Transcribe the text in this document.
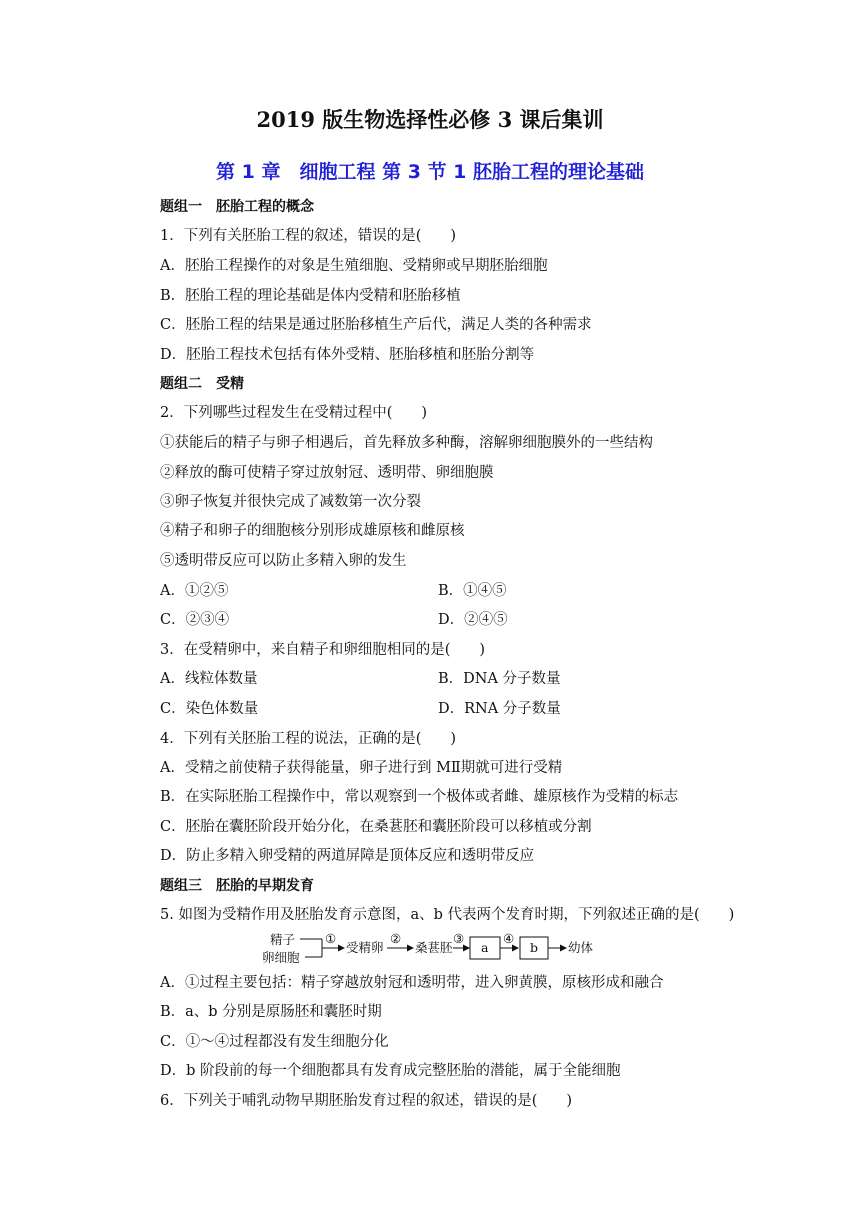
2019 版生物选择性必修 3 课后集训
第 1 章　细胞工程 第 3 节 1 胚胎工程的理论基础
题组一　胚胎工程的概念
1．下列有关胚胎工程的叙述，错误的是(　　)
A．胚胎工程操作的对象是生殖细胞、受精卵或早期胚胎细胞
B．胚胎工程的理论基础是体内受精和胚胎移植
C．胚胎工程的结果是通过胚胎移植生产后代，满足人类的各种需求
D．胚胎工程技术包括有体外受精、胚胎移植和胚胎分割等
题组二　受精
2．下列哪些过程发生在受精过程中(　　)
①获能后的精子与卵子相遇后，首先释放多种酶，溶解卵细胞膜外的一些结构
②释放的酶可使精子穿过放射冠、透明带、卵细胞膜
③卵子恢复并很快完成了减数第一次分裂
④精子和卵子的细胞核分别形成雄原核和雌原核
⑤透明带反应可以防止多精入卵的发生
A．①②⑤	B．①④⑤
C．②③④	D．②④⑤
3．在受精卵中，来自精子和卵细胞相同的是(　　)
A．线粒体数量	B．DNA 分子数量
C．染色体数量	D．RNA 分子数量
4．下列有关胚胎工程的说法，正确的是(　　)
A．受精之前使精子获得能量，卵子进行到 MⅡ期就可进行受精
B．在实际胚胎工程操作中，常以观察到一个极体或者雌、雄原核作为受精的标志
C．胚胎在囊胚阶段开始分化，在桑葚胚和囊胚阶段可以移植或分割
D．防止多精入卵受精的两道屏障是顶体反应和透明带反应
题组三　胚胎的早期发育
5. 如图为受精作用及胚胎发育示意图，a、b 代表两个发育时期，下列叙述正确的是(　　)
精子
卵细胞
①
受精卵
②
桑葚胚
③
a
④
b 幼体
A．①过程主要包括：精子穿越放射冠和透明带，进入卵黄膜，原核形成和融合
B．a、b 分别是原肠胚和囊胚时期
C．①～④过程都没有发生细胞分化
D．b 阶段前的每一个细胞都具有发育成完整胚胎的潜能，属于全能细胞
6．下列关于哺乳动物早期胚胎发育过程的叙述，错误的是(　　)
